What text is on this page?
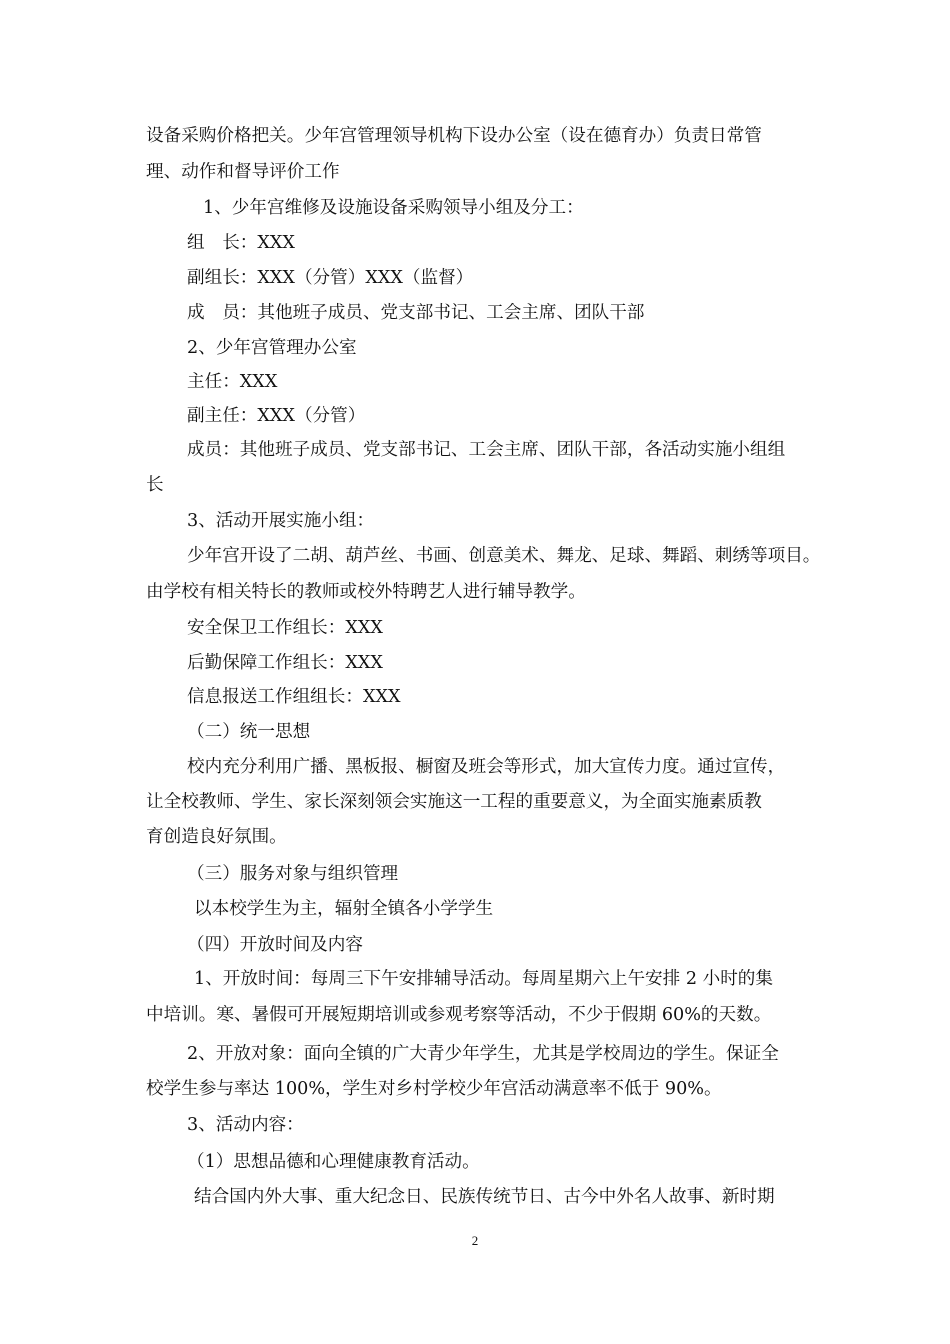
设备采购价格把关。少年宫管理领导机构下设办公室（设在德育办）负责日常管

理、动作和督导评价工作

1、少年宫维修及设施设备采购领导小组及分工：

组　长：XXX

副组长：XXX（分管）XXX（监督）

成　员：其他班子成员、党支部书记、工会主席、团队干部

2、少年宫管理办公室

主任：XXX

副主任：XXX（分管）

成员：其他班子成员、党支部书记、工会主席、团队干部，各活动实施小组组

长

3、活动开展实施小组：

少年宫开设了二胡、葫芦丝、书画、创意美术、舞龙、足球、舞蹈、刺绣等项目。

由学校有相关特长的教师或校外特聘艺人进行辅导教学。

安全保卫工作组长：XXX

后勤保障工作组长：XXX

信息报送工作组组长：XXX

（二）统一思想

校内充分利用广播、黑板报、橱窗及班会等形式，加大宣传力度。通过宣传，

让全校教师、学生、家长深刻领会实施这一工程的重要意义，为全面实施素质教

育创造良好氛围。

（三）服务对象与组织管理

以本校学生为主，辐射全镇各小学学生

（四）开放时间及内容

1、开放时间：每周三下午安排辅导活动。每周星期六上午安排 2 小时的集

中培训。寒、暑假可开展短期培训或参观考察等活动，不少于假期 60%的天数。

2、开放对象：面向全镇的广大青少年学生，尤其是学校周边的学生。保证全

校学生参与率达 100%，学生对乡村学校少年宫活动满意率不低于 90%。

3、活动内容：

（1）思想品德和心理健康教育活动。

结合国内外大事、重大纪念日、民族传统节日、古今中外名人故事、新时期

2
